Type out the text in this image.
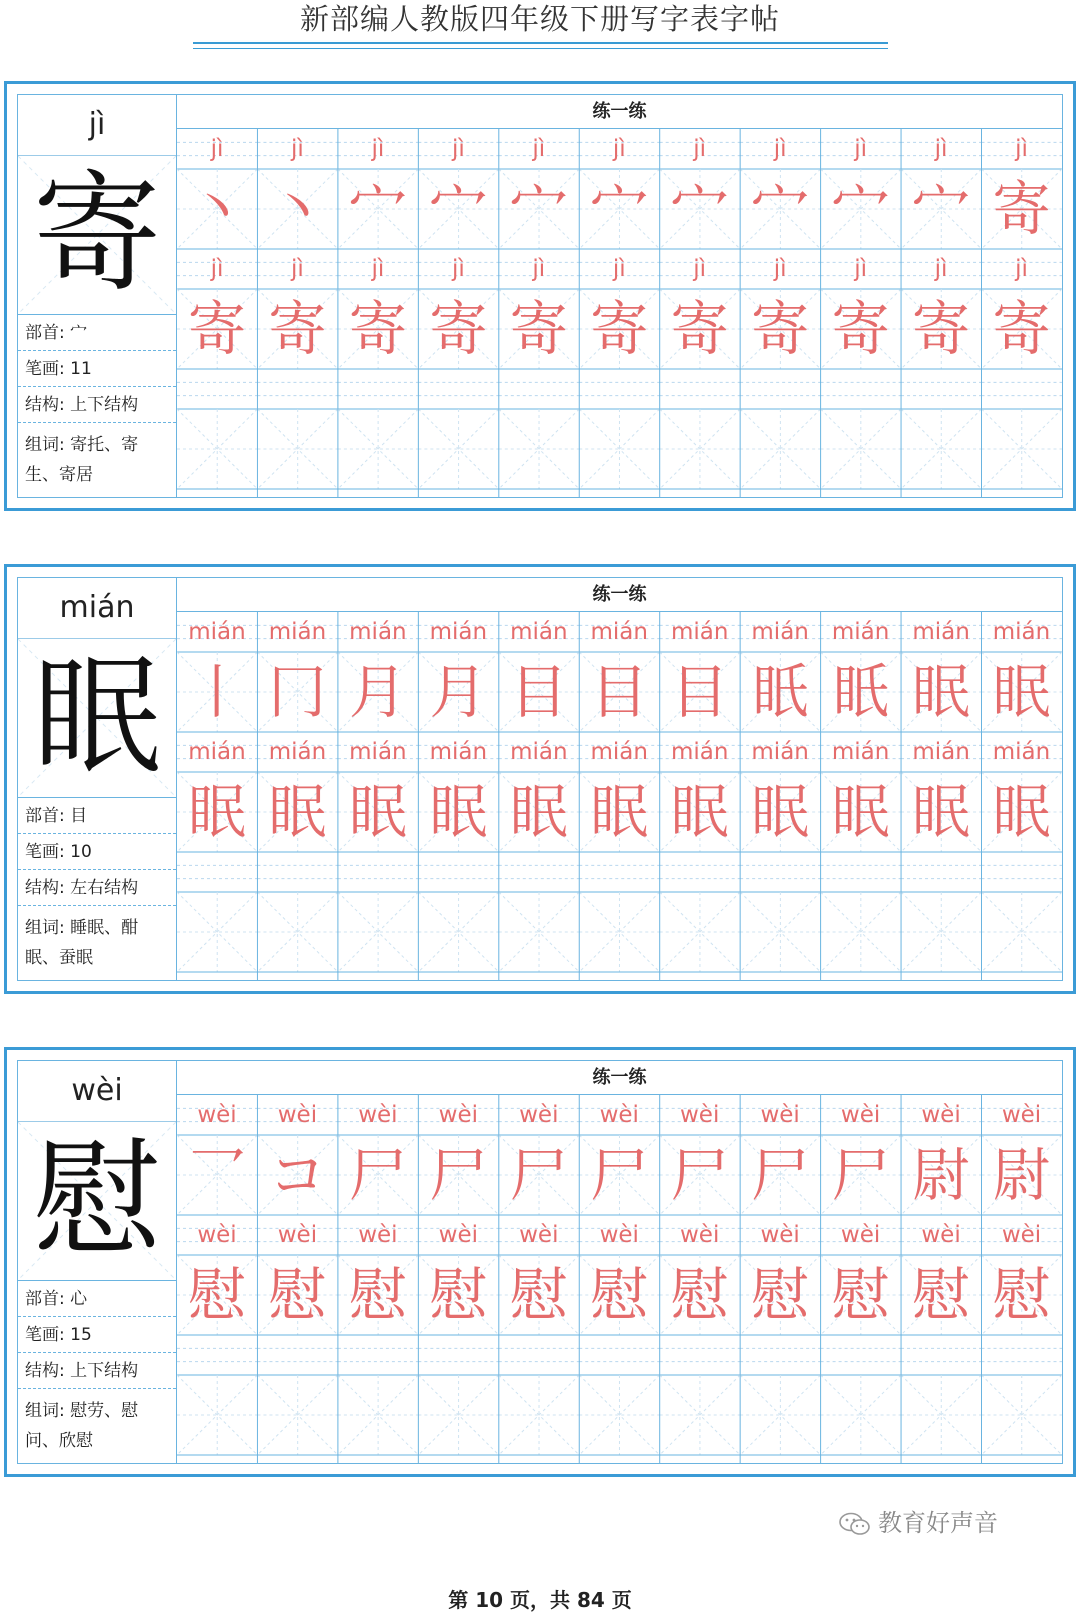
新部编人教版四年级下册写字表字帖
jì
寄
部首: 宀
笔画: 11
结构: 上下结构
组词: 寄托、寄生、寄居
练一练
jì	jì	jì	jì	jì	jì	jì	jì	jì	jì	jì
丶 丶 宀 宀 宀 宀 宀 宀 宀 宀 寄
jì	jì	jì	jì	jì	jì	jì	jì	jì	jì	jì
寄 寄 寄 寄 寄 寄 寄 寄 寄 寄 寄
mián
眠
部首: 目
笔画: 10
结构: 左右结构
组词: 睡眠、酣眠、蚕眠
练一练
mián mián mián mián mián mián mián mián mián mián mián
丨 冂 月 月 目 目 目 眂 眂 眠 眠
mián mián mián mián mián mián mián mián mián mián mián
眠 眠 眠 眠 眠 眠 眠 眠 眠 眠 眠
wèi
慰
部首: 心
笔画: 15
结构: 上下结构
组词: 慰劳、慰问、欣慰
练一练
wèi	wèi	wèi	wèi	wèi	wèi	wèi	wèi	wèi	wèi	wèi
乛 コ 尸 尸 尸 尸 尸 尸 尸 尉 尉
wèi	wèi	wèi	wèi	wèi	wèi	wèi	wèi	wèi	wèi	wèi
慰 慰 慰 慰 慰 慰 慰 慰 慰 慰 慰
教育好声音
第 10 页，共 84 页
